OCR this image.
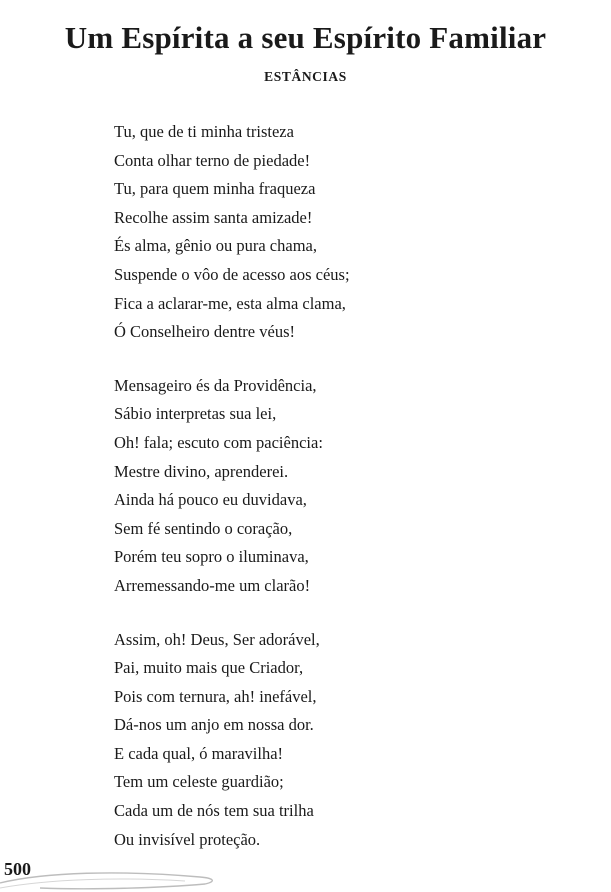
Um Espírita a seu Espírito Familiar
ESTÂNCIAS
Tu, que de ti minha tristeza
Conta olhar terno de piedade!
Tu, para quem minha fraqueza
Recolhe assim santa amizade!
És alma, gênio ou pura chama,
Suspende o vôo de acesso aos céus;
Fica a aclarar-me, esta alma clama,
Ó Conselheiro dentre véus!
Mensageiro és da Providência,
Sábio interpretas sua lei,
Oh! fala; escuto com paciência:
Mestre divino, aprenderei.
Ainda há pouco eu duvidava,
Sem fé sentindo o coração,
Porém teu sopro o iluminava,
Arremessando-me um clarão!
Assim, oh! Deus, Ser adorável,
Pai, muito mais que Criador,
Pois com ternura, ah! inefável,
Dá-nos um anjo em nossa dor.
E cada qual, ó maravilha!
Tem um celeste guardião;
Cada um de nós tem sua trilha
Ou invisível proteção.
500
